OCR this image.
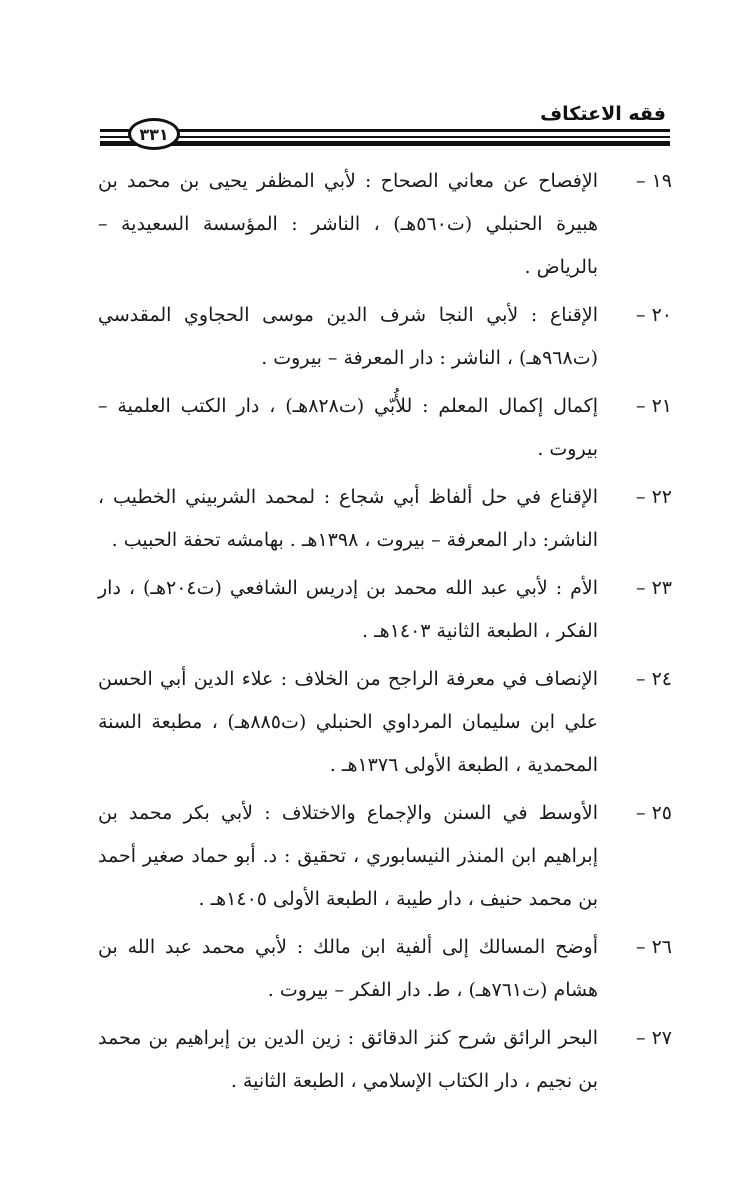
فقه الاعتكاف
٣٣١
١٩ –
الإفصاح عن معاني الصحاح : لأبي المظفر يحيى بن محمد بن هبيرة الحنبلي (ت٥٦٠هـ) ، الناشر : المؤسسة السعيدية – بالرياض .
٢٠ –
الإقناع : لأبي النجا شرف الدين موسى الحجاوي المقدسي (ت٩٦٨هـ) ، الناشر : دار المعرفة – بيروت .
٢١ –
إكمال إكمال المعلم : للأُبّي (ت٨٢٨هـ) ، دار الكتب العلمية – بيروت .
٢٢ –
الإقناع في حل ألفاظ أبي شجاع : لمحمد الشربيني الخطيب ، الناشر: دار المعرفة – بيروت ، ١٣٩٨هـ . بهامشه تحفة الحبيب .
٢٣ –
الأم : لأبي عبد الله محمد بن إدريس الشافعي (ت٢٠٤هـ) ، دار الفكر ، الطبعة الثانية ١٤٠٣هـ .
٢٤ –
الإنصاف في معرفة الراجح من الخلاف : علاء الدين أبي الحسن علي ابن سليمان المرداوي الحنبلي (ت٨٨٥هـ) ، مطبعة السنة المحمدية ، الطبعة الأولى ١٣٧٦هـ .
٢٥ –
الأوسط في السنن والإجماع والاختلاف : لأبي بكر محمد بن إبراهيم ابن المنذر النيسابوري ، تحقيق : د. أبو حماد صغير أحمد بن محمد حنيف ، دار طيبة ، الطبعة الأولى ١٤٠٥هـ .
٢٦ –
أوضح المسالك إلى ألفية ابن مالك : لأبي محمد عبد الله بن هشام (ت٧٦١هـ) ، ط. دار الفكر – بيروت .
٢٧ –
البحر الرائق شرح كنز الدقائق : زين الدين بن إبراهيم بن محمد بن نجيم ، دار الكتاب الإسلامي ، الطبعة الثانية .
